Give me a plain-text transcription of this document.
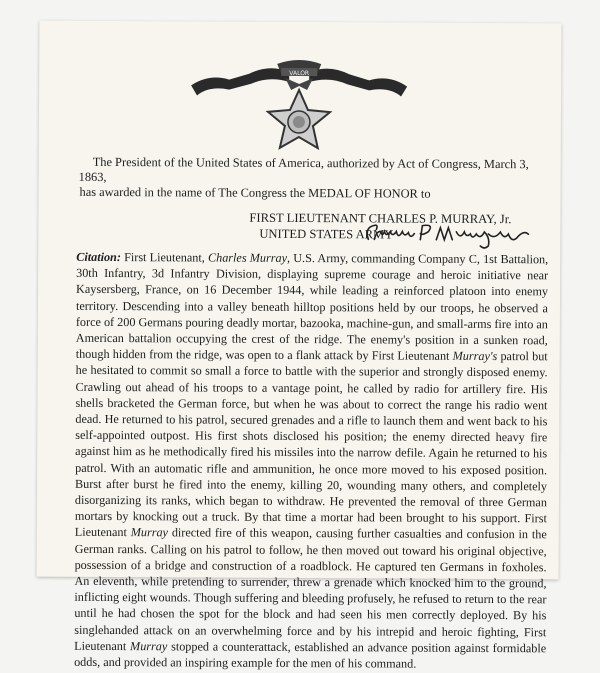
VALOR

The President of the United States of America, authorized by Act of Congress, March 3, 1863,

has awarded in the name of The Congress the MEDAL OF HONOR to

FIRST LIEUTENANT CHARLES P. MURRAY, Jr.
UNITED STATES ARMY
Citation: First Lieutenant, Charles Murray, U.S. Army, commanding Company C, 1st Battalion, 30th Infantry, 3d Infantry Division, displaying supreme courage and heroic initiative near Kaysersberg, France, on 16 December 1944, while leading a reinforced platoon into enemy territory. Descending into a valley beneath hilltop positions held by our troops, he observed a force of 200 Germans pouring deadly mortar, bazooka, machine-gun, and small-arms fire into an American battalion occupying the crest of the ridge. The enemy's position in a sunken road, though hidden from the ridge, was open to a flank attack by First Lieutenant Murray's patrol but he hesitated to commit so small a force to battle with the superior and strongly disposed enemy. Crawling out ahead of his troops to a vantage point, he called by radio for artillery fire. His shells bracketed the German force, but when he was about to correct the range his radio went dead. He returned to his patrol, secured grenades and a rifle to launch them and went back to his self-appointed outpost. His first shots disclosed his position; the enemy directed heavy fire against him as he methodically fired his missiles into the narrow defile. Again he returned to his patrol. With an automatic rifle and ammunition, he once more moved to his exposed position. Burst after burst he fired into the enemy, killing 20, wounding many others, and completely disorganizing its ranks, which began to withdraw. He prevented the removal of three German mortars by knocking out a truck. By that time a mortar had been brought to his support. First Lieutenant Murray directed fire of this weapon, causing further casualties and confusion in the German ranks. Calling on his patrol to follow, he then moved out toward his original objective, possession of a bridge and construction of a roadblock. He captured ten Germans in foxholes. An eleventh, while pretending to surrender, threw a grenade which knocked him to the ground, inflicting eight wounds. Though suffering and bleeding profusely, he refused to return to the rear until he had chosen the spot for the block and had seen his men correctly deployed. By his singlehanded attack on an overwhelming force and by his intrepid and heroic fighting, First Lieutenant Murray stopped a counterattack, established an advance position against formidable odds, and provided an inspiring example for the men of his command.
